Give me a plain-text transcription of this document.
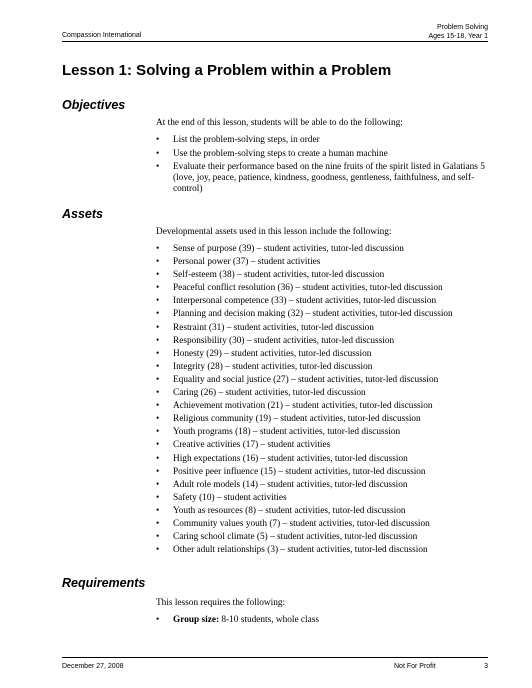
Compassion International
Problem Solving
Ages 15-18, Year 1
Lesson 1: Solving a Problem within a Problem
Objectives

At the end of this lesson, students will be able to do the following:

• List the problem-solving steps, in order
• Use the problem-solving steps to create a human machine
• Evaluate their performance based on the nine fruits of the spirit listed in Galatians 5 (love, joy, peace, patience, kindness, goodness, gentleness, faithfulness, and self-control)
Assets

Developmental assets used in this lesson include the following:

• Sense of purpose (39) – student activities, tutor-led discussion
• Personal power (37) – student activities
• Self-esteem (38) – student activities, tutor-led discussion
• Peaceful conflict resolution (36) – student activities, tutor-led discussion
• Interpersonal competence (33) – student activities, tutor-led discussion
• Planning and decision making (32) – student activities, tutor-led discussion
• Restraint (31) – student activities, tutor-led discussion
• Responsibility (30) – student activities, tutor-led discussion
• Honesty (29) – student activities, tutor-led discussion
• Integrity (28) – student activities, tutor-led discussion
• Equality and social justice (27) – student activities, tutor-led discussion
• Caring (26) – student activities, tutor-led discussion
• Achievement motivation (21) – student activities, tutor-led discussion
• Religious community (19) – student activities, tutor-led discussion
• Youth programs (18) – student activities, tutor-led discussion
• Creative activities (17) – student activities
• High expectations (16) – student activities, tutor-led discussion
• Positive peer influence (15) – student activities, tutor-led discussion
• Adult role models (14) – student activities, tutor-led discussion
• Safety (10) – student activities
• Youth as resources (8) – student activities, tutor-led discussion
• Community values youth (7) – student activities, tutor-led discussion
• Caring school climate (5) – student activities, tutor-led discussion
• Other adult relationships (3) – student activities, tutor-led discussion
Requirements

This lesson requires the following:

• Group size: 8-10 students, whole class
December 27, 2008	Not For Profit	3
